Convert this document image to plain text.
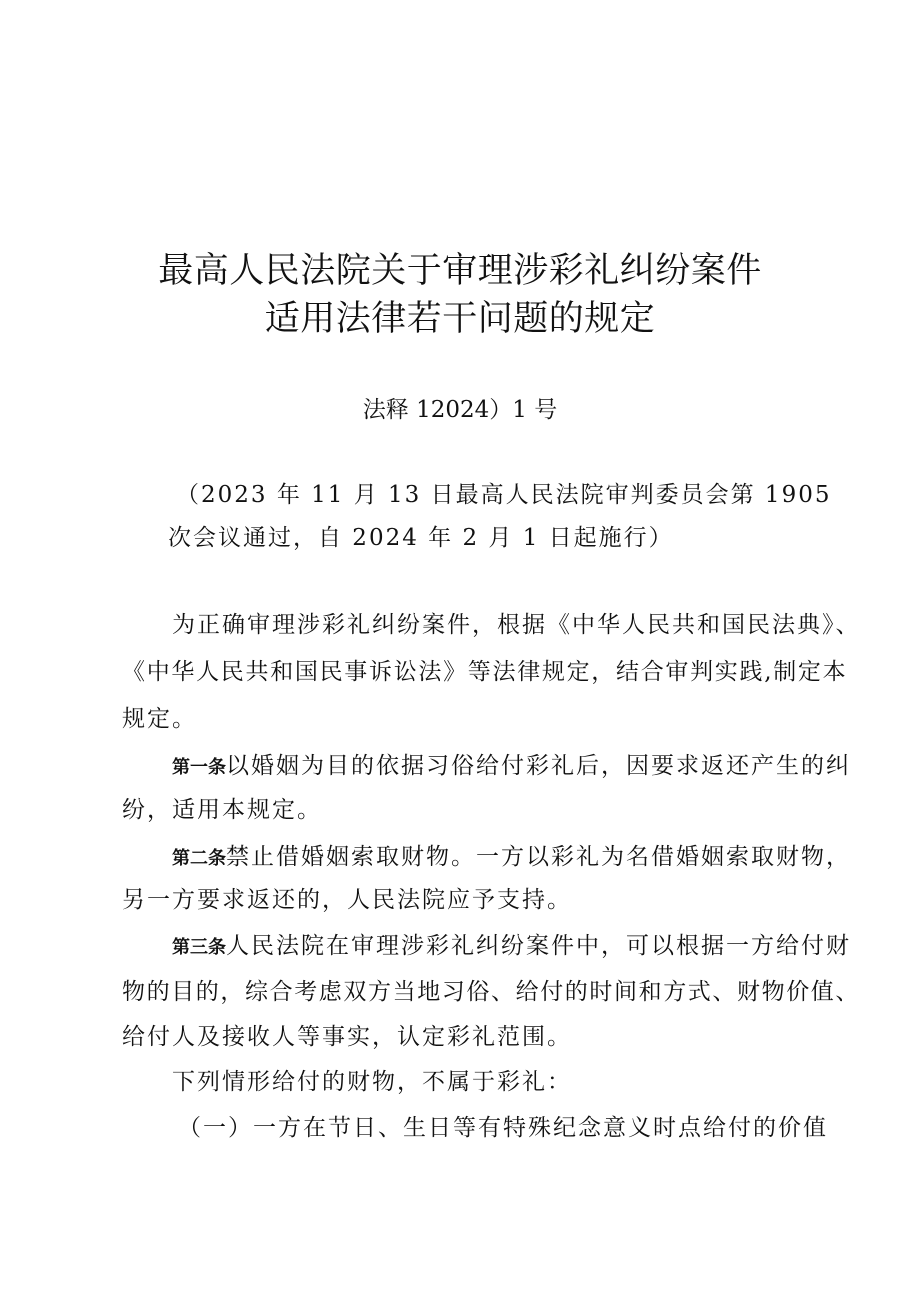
最高人民法院关于审理涉彩礼纠纷案件
适用法律若干问题的规定
法释 12024）1 号
（2023 年 11 月 13 日最高人民法院审判委员会第 1905
次会议通过，自 2024 年 2 月 1 日起施行）
为正确审理涉彩礼纠纷案件，根据《中华人民共和国民法典》、
《中华人民共和国民事诉讼法》等法律规定，结合审判实践,制定本
规定。
第一条以婚姻为目的依据习俗给付彩礼后，因要求返还产生的纠
纷，适用本规定。
第二条禁止借婚姻索取财物。一方以彩礼为名借婚姻索取财物，
另一方要求返还的，人民法院应予支持。
第三条人民法院在审理涉彩礼纠纷案件中，可以根据一方给付财
物的目的，综合考虑双方当地习俗、给付的时间和方式、财物价值、
给付人及接收人等事实，认定彩礼范围。
下列情形给付的财物，不属于彩礼：
（一）一方在节日、生日等有特殊纪念意义时点给付的价值
